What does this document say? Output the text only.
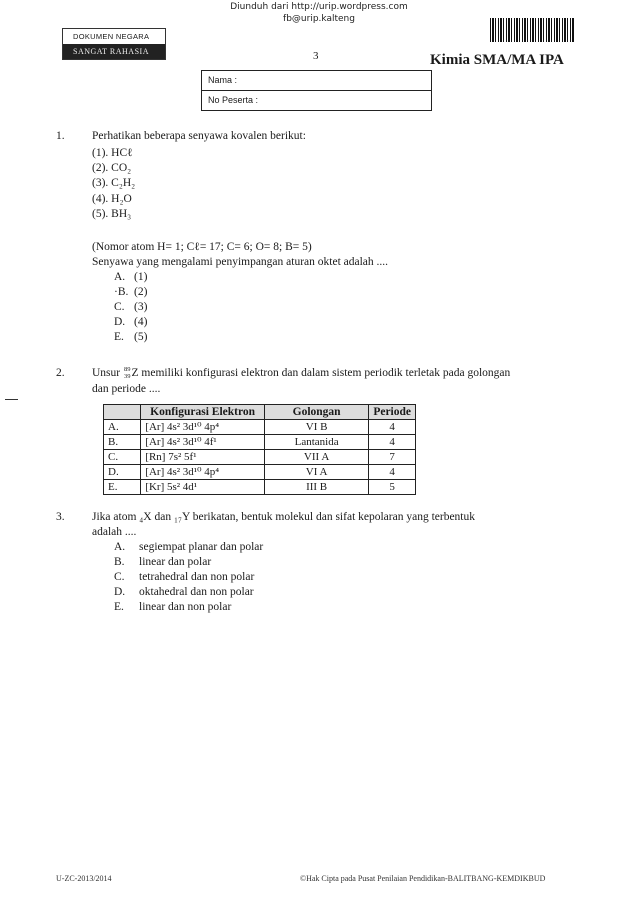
Diunduh dari http://urip.wordpress.com
fb@urip.kalteng
DOKUMEN NEGARA
SANGAT RAHASIA	3	Kimia SMA/MA IPA
Nama :
No Peserta :
1. Perhatikan beberapa senyawa kovalen berikut:
(1). HCℓ
(2). CO₂
(3). C₂H₂
(4). H₂O
(5). BH₃
(Nomor atom H= 1; Cℓ= 17; C= 6; O= 8; B= 5)
Senyawa yang mengalami penyimpangan aturan oktet adalah ....
A. (1)
·B. (2)
C. (3)
D. (4)
E. (5)
2. Unsur 89
39 Z memiliki konfigurasi elektron dan dalam sistem periodik terletak pada golongan
dan periode ....
	Konfigurasi Elektron	Golongan	Periode
A.	[Ar] 4s² 3d¹⁰ 4p⁴	VI B	4
B.	[Ar] 4s² 3d¹⁰ 4f¹	Lantanida	4
C.	[Rn] 7s² 5f¹	VII A	7
D.	[Ar] 4s² 3d¹⁰ 4p⁴	VI A	4
E.	[Kr] 5s² 4d¹	III B	5
3. Jika atom ₄X dan ₁₇Y berikatan, bentuk molekul dan sifat kepolaran yang terbentuk
adalah ....
A. segiempat planar dan polar
B. linear dan polar
C. tetrahedral dan non polar
D. oktahedral dan non polar
E. linear dan non polar
U-ZC-2013/2014	©Hak Cipta pada Pusat Penilaian Pendidikan-BALITBANG-KEMDIKBUD
